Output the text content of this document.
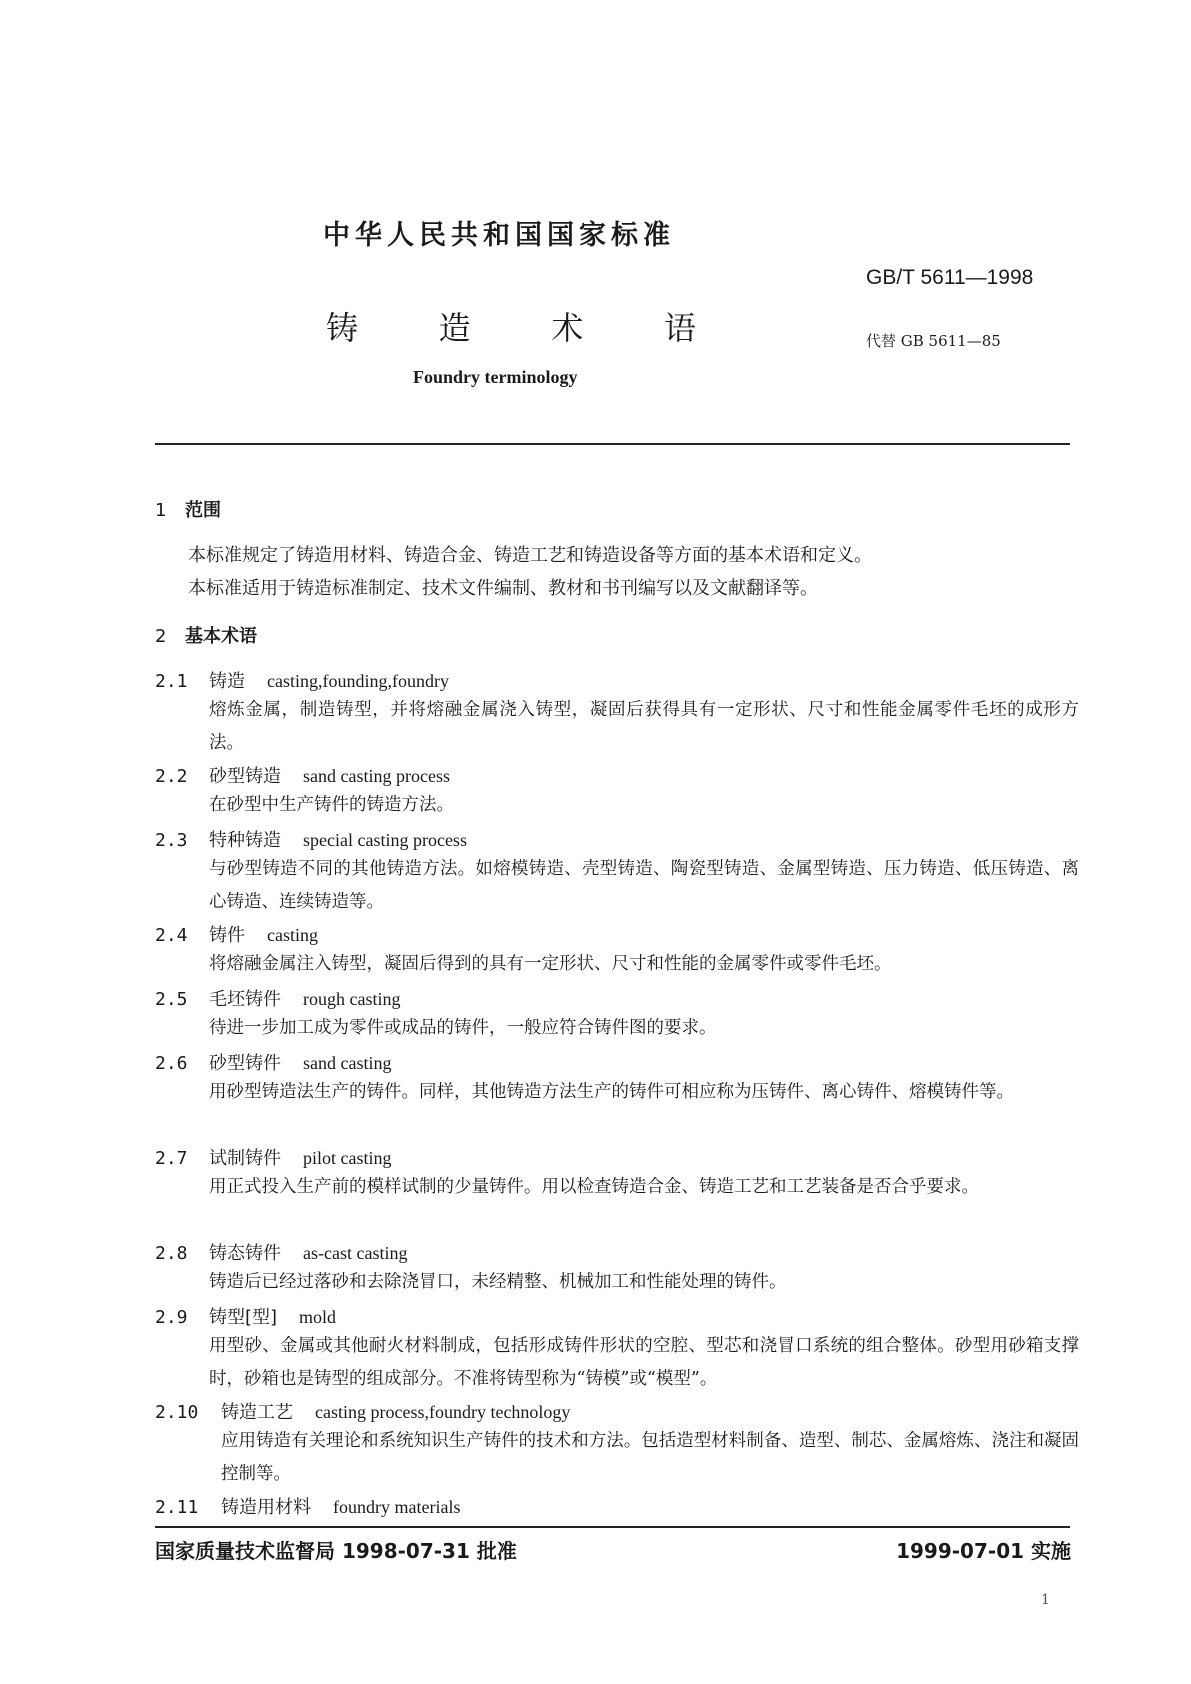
中华人民共和国国家标准
GB/T 5611—1998
铸	造	术	语	代替 GB 5611—85
Foundry terminology
1 范围
本标准规定了铸造用材料、铸造合金、铸造工艺和铸造设备等方面的基本术语和定义。
本标准适用于铸造标准制定、技术文件编制、教材和书刊编写以及文献翻译等。
2 基本术语
2.1 铸造 casting,founding,foundry
熔炼金属，制造铸型，并将熔融金属浇入铸型，凝固后获得具有一定形状、尺寸和性能金属零件毛坯的成形方法。
2.2 砂型铸造 sand casting process
在砂型中生产铸件的铸造方法。
2.3 特种铸造 special casting process
与砂型铸造不同的其他铸造方法。如熔模铸造、壳型铸造、陶瓷型铸造、金属型铸造、压力铸造、低压铸造、离心铸造、连续铸造等。
2.4 铸件 casting
将熔融金属注入铸型，凝固后得到的具有一定形状、尺寸和性能的金属零件或零件毛坯。
2.5 毛坯铸件 rough casting
待进一步加工成为零件或成品的铸件，一般应符合铸件图的要求。
2.6 砂型铸件 sand casting
用砂型铸造法生产的铸件。同样，其他铸造方法生产的铸件可相应称为压铸件、离心铸件、熔模铸件等。
2.7 试制铸件 pilot casting
用正式投入生产前的模样试制的少量铸件。用以检查铸造合金、铸造工艺和工艺装备是否合乎要求。
2.8 铸态铸件 as-cast casting
铸造后已经过落砂和去除浇冒口，未经精整、机械加工和性能处理的铸件。
2.9 铸型[型] mold
用型砂、金属或其他耐火材料制成，包括形成铸件形状的空腔、型芯和浇冒口系统的组合整体。砂型用砂箱支撑时，砂箱也是铸型的组成部分。不准将铸型称为“铸模”或“模型”。
2.10 铸造工艺 casting process,foundry technology
应用铸造有关理论和系统知识生产铸件的技术和方法。包括造型材料制备、造型、制芯、金属熔炼、浇注和凝固控制等。
2.11 铸造用材料 foundry materials
国家质量技术监督局 1998-07-31 批准	1999-07-01 实施
1
